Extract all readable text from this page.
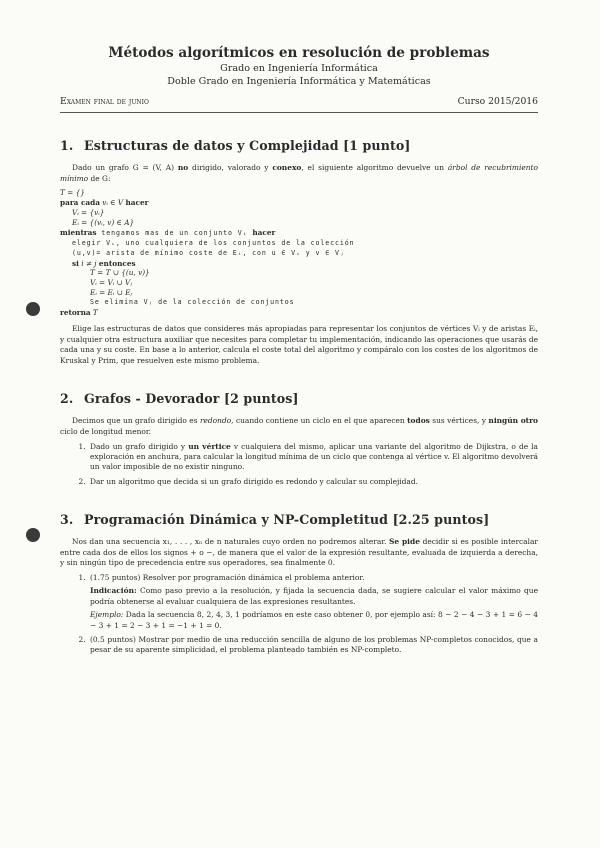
Métodos algorítmicos en resolución de problemas

Grado en Ingeniería Informática

Doble Grado en Ingeniería Informática y Matemáticas

Examen final de junio	Curso 2015/2016
1. Estructuras de datos y Complejidad [1 punto]

Dado un grafo G = (V, A) no dirigido, valorado y conexo, el siguiente algoritmo devuelve un árbol de recubrimiento mínimo de G:

T = {}
para cada vᵢ ∈ V hacer
Vᵢ = {vᵢ}
Eᵢ = {(vᵢ, v) ∈ A}
mientras tengamos mas de un conjunto Vᵢ hacer
elegir Vᵢ, uno cualquiera de los conjuntos de la colección
(u,v)= arista de mínimo coste de Eᵢ, con u ∈ Vᵢ y v ∈ Vⱼ
si i ≠ j entonces
T = T ∪ {(u, v)}
Vᵢ = Vᵢ ∪ Vⱼ
Eᵢ = Eᵢ ∪ Eⱼ
Se elimina Vⱼ de la colección de conjuntos
retorna T

Elige las estructuras de datos que consideres más apropiadas para representar los conjuntos de vértices Vᵢ y de aristas Eᵢ, y cualquier otra estructura auxiliar que necesites para completar tu implementación, indicando las operaciones que usarás de cada una y su coste. En base a lo anterior, calcula el coste total del algoritmo y compáralo con los costes de los algoritmos de Kruskal y Prim, que resuelven este mismo problema.

2. Grafos - Devorador [2 puntos]

Decimos que un grafo dirigido es redondo, cuando contiene un ciclo en el que aparecen todos sus vértices, y ningún otro ciclo de longitud menor.

1. Dado un grafo dirigido y un vértice v cualquiera del mismo, aplicar una variante del algoritmo de Dijkstra, o de la exploración en anchura, para calcular la longitud mínima de un ciclo que contenga al vértice v. El algoritmo devolverá un valor imposible de no existir ninguno.
2. Dar un algoritmo que decida si un grafo dirigido es redondo y calcular su complejidad.
3. Programación Dinámica y NP-Completitud [2.25 puntos]

Nos dan una secuencia x₁, . . . , xₙ de n naturales cuyo orden no podremos alterar. Se pide decidir si es posible intercalar entre cada dos de ellos los signos + o −, de manera que el valor de la expresión resultante, evaluada de izquierda a derecha, y sin ningún tipo de precedencia entre sus operadores, sea finalmente 0.

1. (1.75 puntos) Resolver por programación dinámica el problema anterior.
Indicación: Como paso previo a la resolución, y fijada la secuencia dada, se sugiere calcular el valor máximo que podría obtenerse al evaluar cualquiera de las expresiones resultantes.
Ejemplo: Dada la secuencia 8, 2, 4, 3, 1 podríamos en este caso obtener 0, por ejemplo así: 8 − 2 − 4 − 3 + 1 = 6 − 4 − 3 + 1 = 2 − 3 + 1 = −1 + 1 = 0.
2. (0.5 puntos) Mostrar por medio de una reducción sencilla de alguno de los problemas NP-completos conocidos, que a pesar de su aparente simplicidad, el problema planteado también es NP-completo.
